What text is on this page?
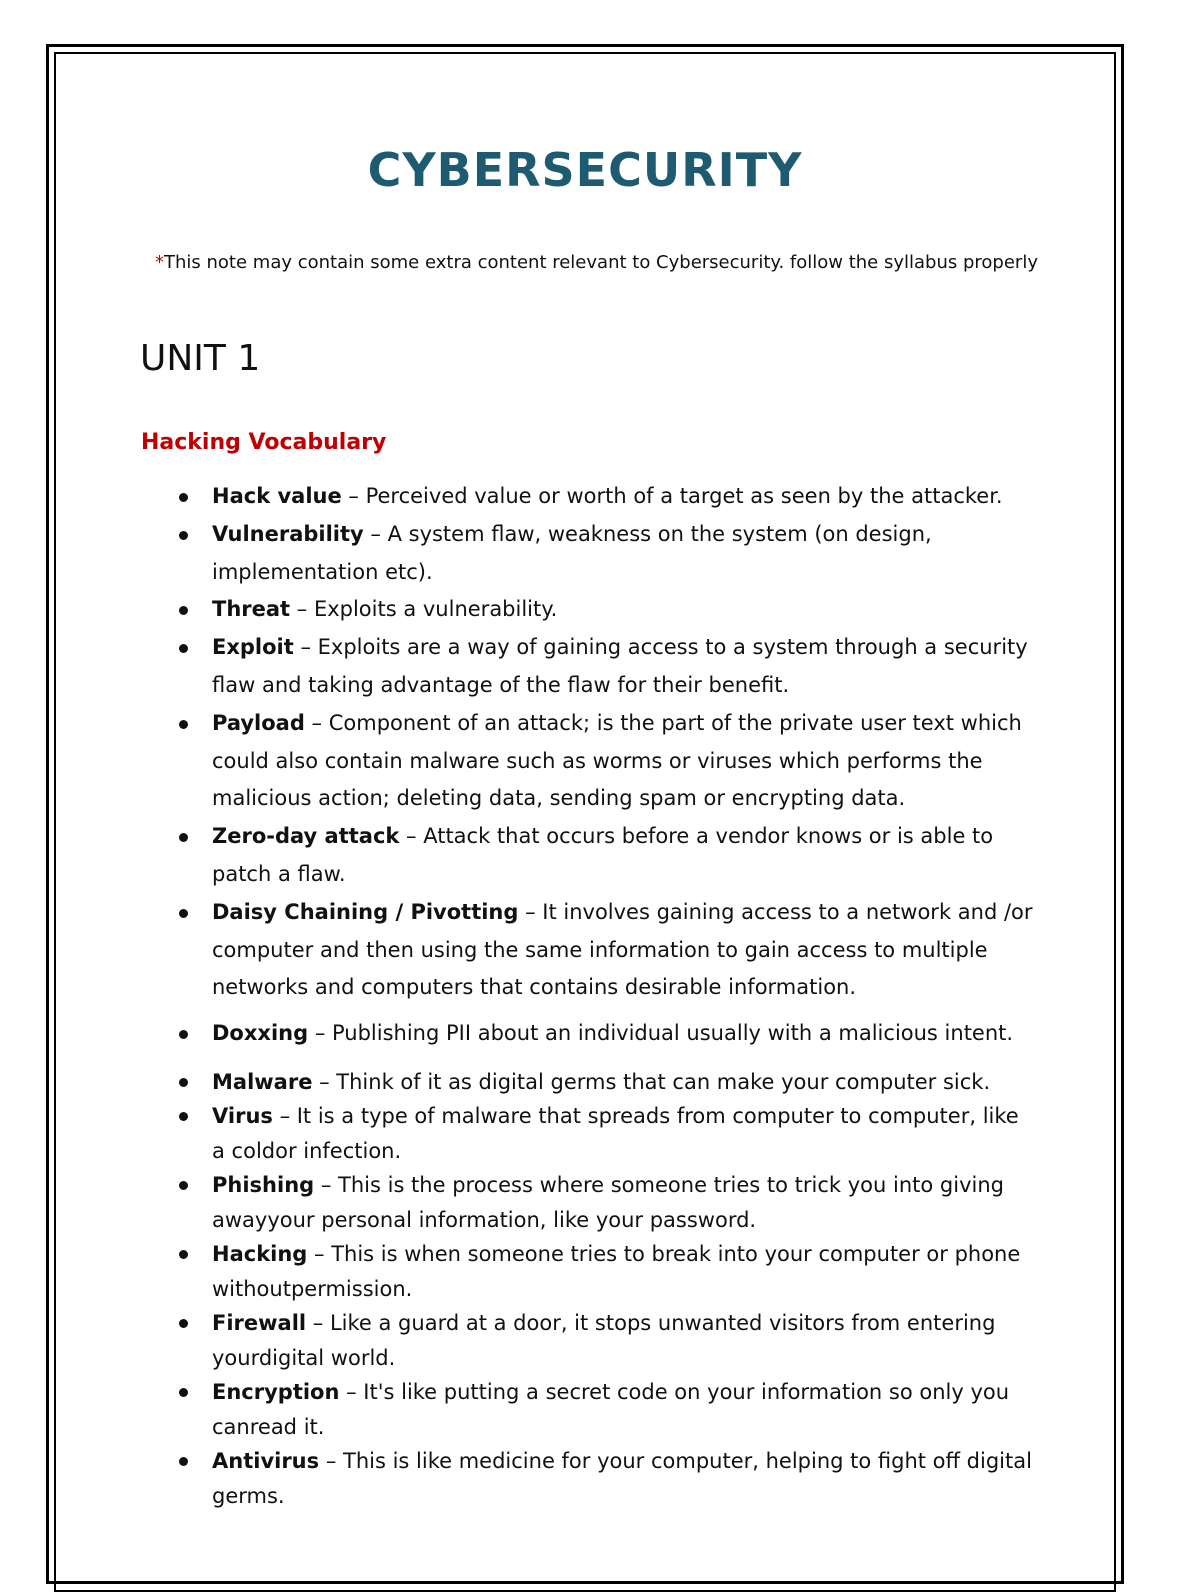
CYBERSECURITY

*This note may contain some extra content relevant to Cybersecurity. follow the syllabus properly

UNIT 1
Hacking Vocabulary
Hack value – Perceived value or worth of a target as seen by the attacker.
Vulnerability – A system flaw, weakness on the system (on design, implementation etc).
Threat – Exploits a vulnerability.
Exploit – Exploits are a way of gaining access to a system through a security flaw and taking advantage of the flaw for their benefit.
Payload – Component of an attack; is the part of the private user text which could also contain malware such as worms or viruses which performs the malicious action; deleting data, sending spam or encrypting data.
Zero-day attack – Attack that occurs before a vendor knows or is able to patch a flaw.
Daisy Chaining / Pivotting – It involves gaining access to a network and /or computer and then using the same information to gain access to multiple networks and computers that contains desirable information.
Doxxing – Publishing PII about an individual usually with a malicious intent.
Malware – Think of it as digital germs that can make your computer sick.
Virus – It is a type of malware that spreads from computer to computer, like a coldor infection.
Phishing – This is the process where someone tries to trick you into giving awayyour personal information, like your password.
Hacking – This is when someone tries to break into your computer or phone withoutpermission.
Firewall – Like a guard at a door, it stops unwanted visitors from entering yourdigital world.
Encryption – It's like putting a secret code on your information so only you canread it.
Antivirus – This is like medicine for your computer, helping to fight off digital germs.
